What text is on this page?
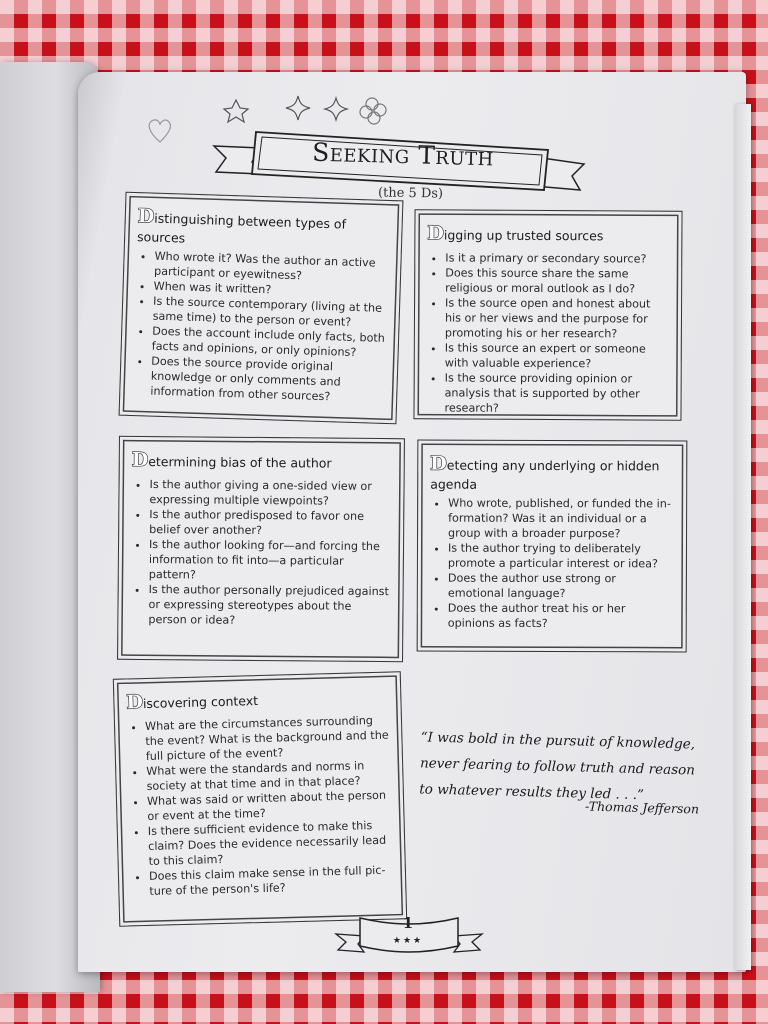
Seeking Truth
(the 5 Ds)
Distinguishing between types of sources
• Who wrote it? Was the author an active participant or eyewitness?
• When was it written?
• Is the source contemporary (living at the same time) to the person or event?
• Does the account include only facts, both facts and opinions, or only opinions?
• Does the source provide original knowledge or only comments and information from other sources?
Digging up trusted sources
• Is it a primary or secondary source?
• Does this source share the same religious or moral outlook as I do?
• Is the source open and honest about his or her views and the purpose for promoting his or her research?
• Is this source an expert or someone with valuable experience?
• Is the source providing opinion or analysis that is supported by other research?
Determining bias of the author
• Is the author giving a one-sided view or expressing multiple viewpoints?
• Is the author predisposed to favor one belief over another?
• Is the author looking for—and forcing the information to fit into—a particular pattern?
• Is the author personally prejudiced against or expressing stereotypes about the person or idea?
Detecting any underlying or hidden agenda
• Who wrote, published, or funded the in-formation? Was it an individual or a group with a broader purpose?
• Is the author trying to deliberately promote a particular interest or idea?
• Does the author use strong or emotional language?
• Does the author treat his or her opinions as facts?
Discovering context
• What are the circumstances surrounding the event? What is the background and the full picture of the event?
• What were the standards and norms in society at that time and in that place?
• What was said or written about the person or event at the time?
• Is there sufficient evidence to make this claim? Does the evidence necessarily lead to this claim?
• Does this claim make sense in the full pic-ture of the person's life?
“I was bold in the pursuit of knowledge, never fearing to follow truth and reason to whatever results they led . . .”
-Thomas Jefferson
1
★★★
